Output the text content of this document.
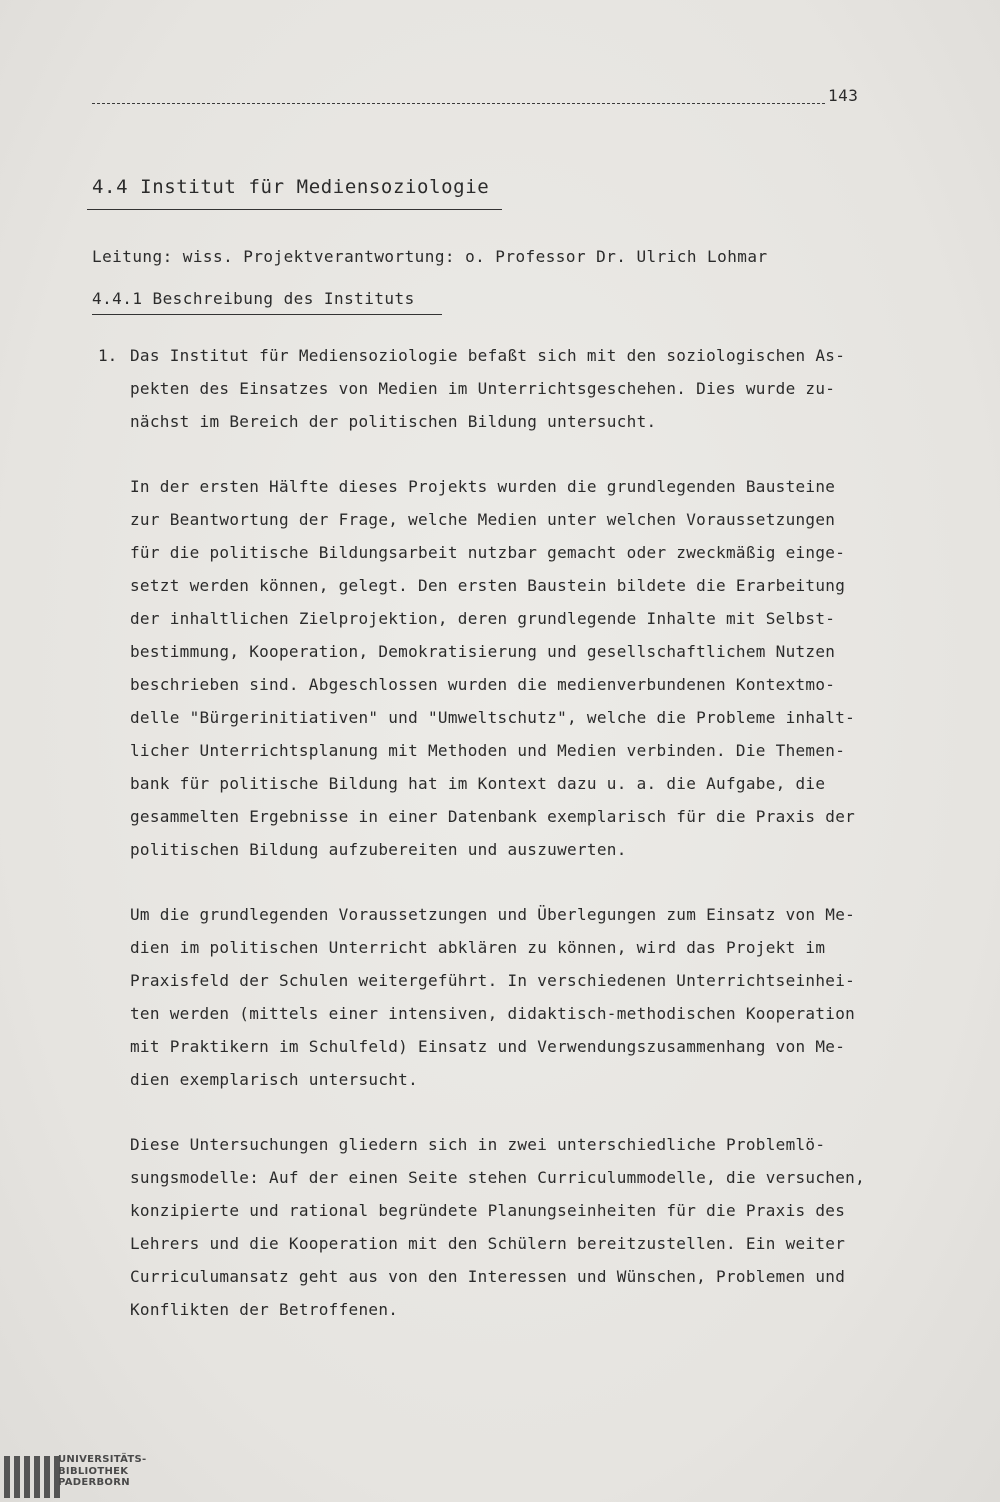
143
4.4 Institut für Mediensoziologie
Leitung: wiss. Projektverantwortung: o. Professor Dr. Ulrich Lohmar
4.4.1 Beschreibung des Instituts
1. Das Institut für Mediensoziologie befaßt sich mit den soziologischen As-
pekten des Einsatzes von Medien im Unterrichtsgeschehen. Dies wurde zu-
nächst im Bereich der politischen Bildung untersucht.
In der ersten Hälfte dieses Projekts wurden die grundlegenden Bausteine
zur Beantwortung der Frage, welche Medien unter welchen Voraussetzungen
für die politische Bildungsarbeit nutzbar gemacht oder zweckmäßig einge-
setzt werden können, gelegt. Den ersten Baustein bildete die Erarbeitung
der inhaltlichen Zielprojektion, deren grundlegende Inhalte mit Selbst-
bestimmung, Kooperation, Demokratisierung und gesellschaftlichem Nutzen
beschrieben sind. Abgeschlossen wurden die medienverbundenen Kontextmo-
delle "Bürgerinitiativen" und "Umweltschutz", welche die Probleme inhalt-
licher Unterrichtsplanung mit Methoden und Medien verbinden. Die Themen-
bank für politische Bildung hat im Kontext dazu u. a. die Aufgabe, die
gesammelten Ergebnisse in einer Datenbank exemplarisch für die Praxis der
politischen Bildung aufzubereiten und auszuwerten.
Um die grundlegenden Voraussetzungen und Überlegungen zum Einsatz von Me-
dien im politischen Unterricht abklären zu können, wird das Projekt im
Praxisfeld der Schulen weitergeführt. In verschiedenen Unterrichtseinhei-
ten werden (mittels einer intensiven, didaktisch-methodischen Kooperation
mit Praktikern im Schulfeld) Einsatz und Verwendungszusammenhang von Me-
dien exemplarisch untersucht.
Diese Untersuchungen gliedern sich in zwei unterschiedliche Problemlö-
sungsmodelle: Auf der einen Seite stehen Curriculummodelle, die versuchen,
konzipierte und rational begründete Planungseinheiten für die Praxis des
Lehrers und die Kooperation mit den Schülern bereitzustellen. Ein weiter
Curriculumansatz geht aus von den Interessen und Wünschen, Problemen und
Konflikten der Betroffenen.
UNIVERSITÄTS-
BIBLIOTHEK
PADERBORN
